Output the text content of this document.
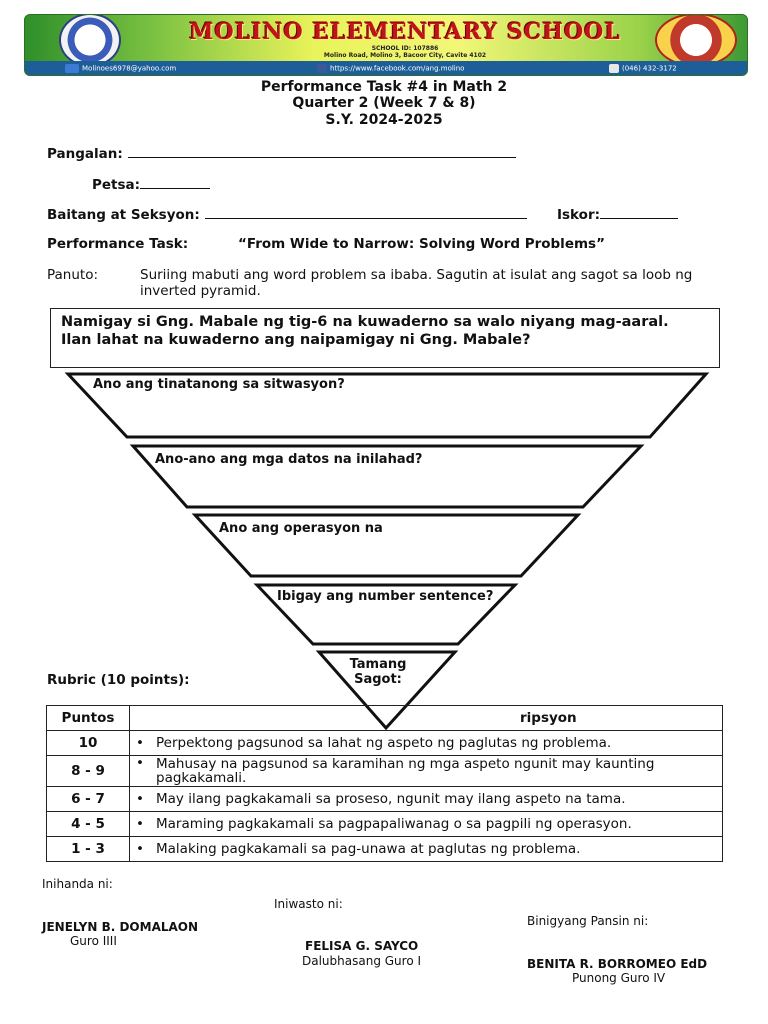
MOLINO ELEMENTARY SCHOOL
SCHOOL ID: 107886
Molino Road, Molino 3, Bacoor City, Cavite 4102
Molinoes6978@yahoo.com	https://www.facebook.com/ang.molino	(046) 432-3172
Performance Task #4 in Math 2
Quarter 2 (Week 7 & 8)
S.Y. 2024-2025
Pangalan:
Petsa:
Baitang at Seksyon:	Iskor:
Performance Task:	“From Wide to Narrow: Solving Word Problems”
Panuto:	Suriing mabuti ang word problem sa ibaba. Sagutin at isulat ang sagot sa loob ng inverted pyramid.
Namigay si Gng. Mabale ng tig-6 na kuwaderno sa walo niyang mag-aaral.
Ilan lahat na kuwaderno ang naipamigay ni Gng. Mabale?
Ano ang tinatanong sa sitwasyon?
Ano-ano ang mga datos na inilahad?
Ano ang operasyon na
Ibigay ang number sentence?
Tamang
Sagot:
Rubric (10 points):
Puntos	ripsyon
10	• Perpektong pagsunod sa lahat ng aspeto ng paglutas ng problema.
8 - 9	• Mahusay na pagsunod sa karamihan ng mga aspeto ngunit may kaunting pagkakamali.
6 - 7	• May ilang pagkakamali sa proseso, ngunit may ilang aspeto na tama.
4 - 5	• Maraming pagkakamali sa pagpapaliwanag o sa pagpili ng operasyon.
1 - 3	• Malaking pagkakamali sa pag-unawa at paglutas ng problema.
Inihanda ni:
JENELYN B. DOMALAON
Guro IIII
Iniwasto ni:
FELISA G. SAYCO
Dalubhasang Guro I
Binigyang Pansin ni:
BENITA R. BORROMEO EdD
Punong Guro IV
